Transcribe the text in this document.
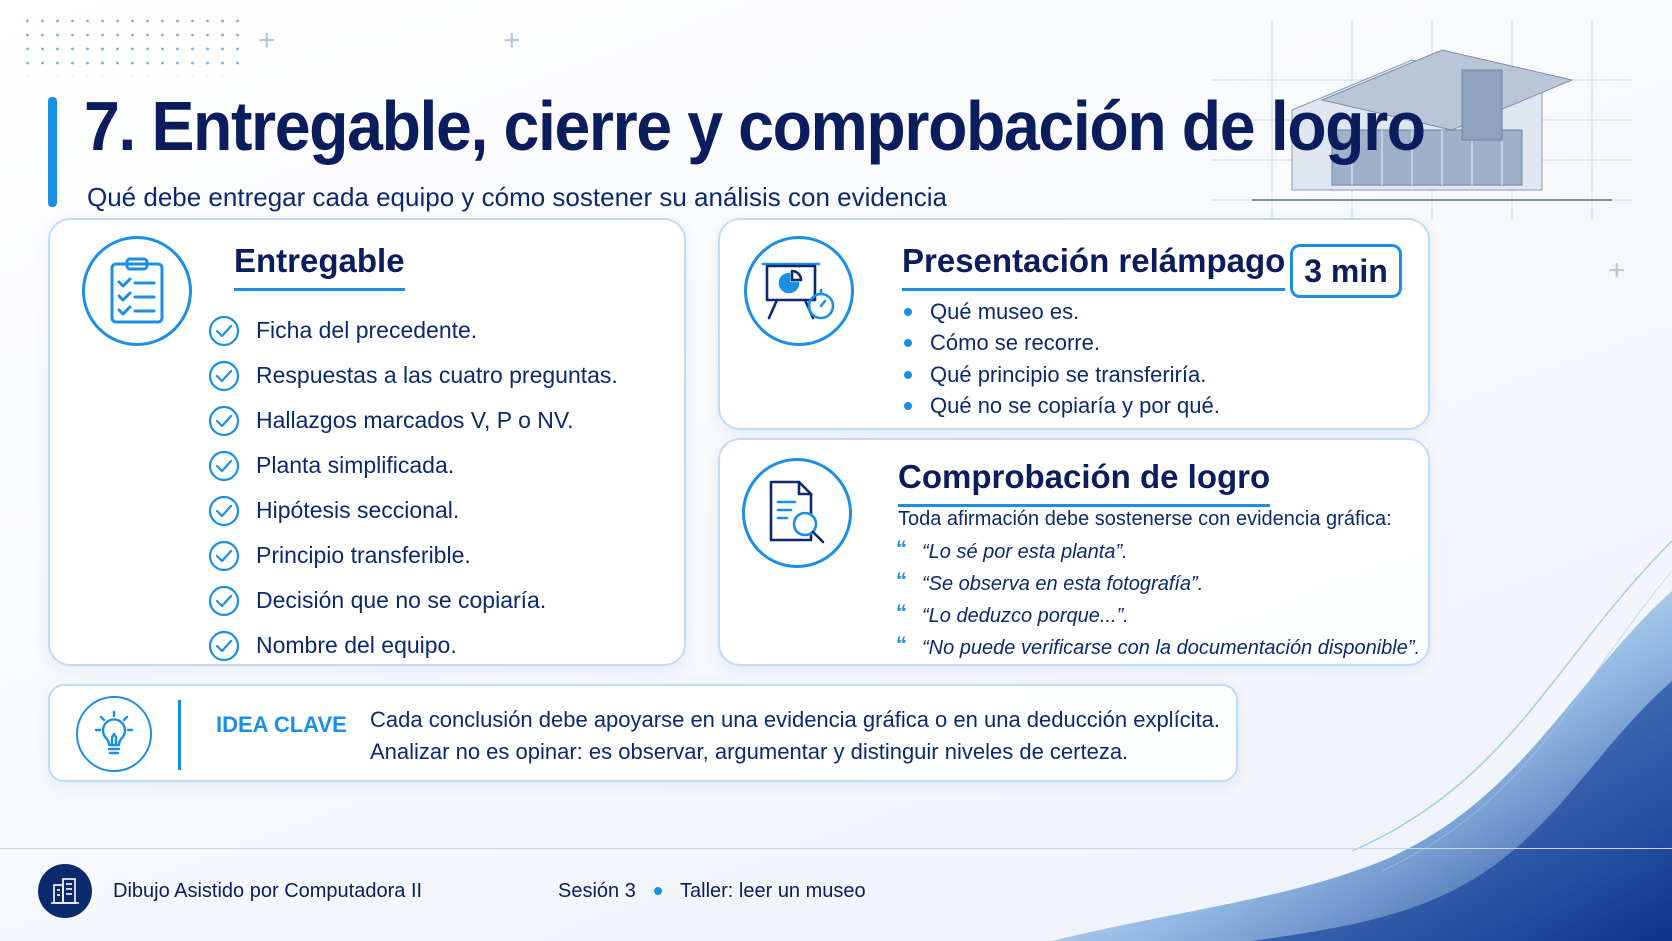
+	+
+
7. Entregable, cierre y comprobación de logro

Qué debe entregar cada equipo y cómo sostener su análisis con evidencia

Entregable
Ficha del precedente.
Respuestas a las cuatro preguntas.
Hallazgos marcados V, P o NV.
Planta simplificada.
Hipótesis seccional.
Principio transferible.
Decisión que no se copiaría.
Nombre del equipo.
Presentación relámpago 3 min
Qué museo es.
Cómo se recorre.
Qué principio se transferiría.
Qué no se copiaría y por qué.
Comprobación de logro

Toda afirmación debe sostenerse con evidencia gráfica:

“ “Lo sé por esta planta”.
“ “Se observa en esta fotografía”.
“ “Lo deduzco porque...”.
“ “No puede verificarse con la documentación disponible”.
IDEA CLAVE Cada conclusión debe apoyarse en una evidencia gráfica o en una deducción explícita.
Analizar no es opinar: es observar, argumentar y distinguir niveles de certeza.
Dibujo Asistido por Computadora II	Sesión 3 Taller: leer un museo
